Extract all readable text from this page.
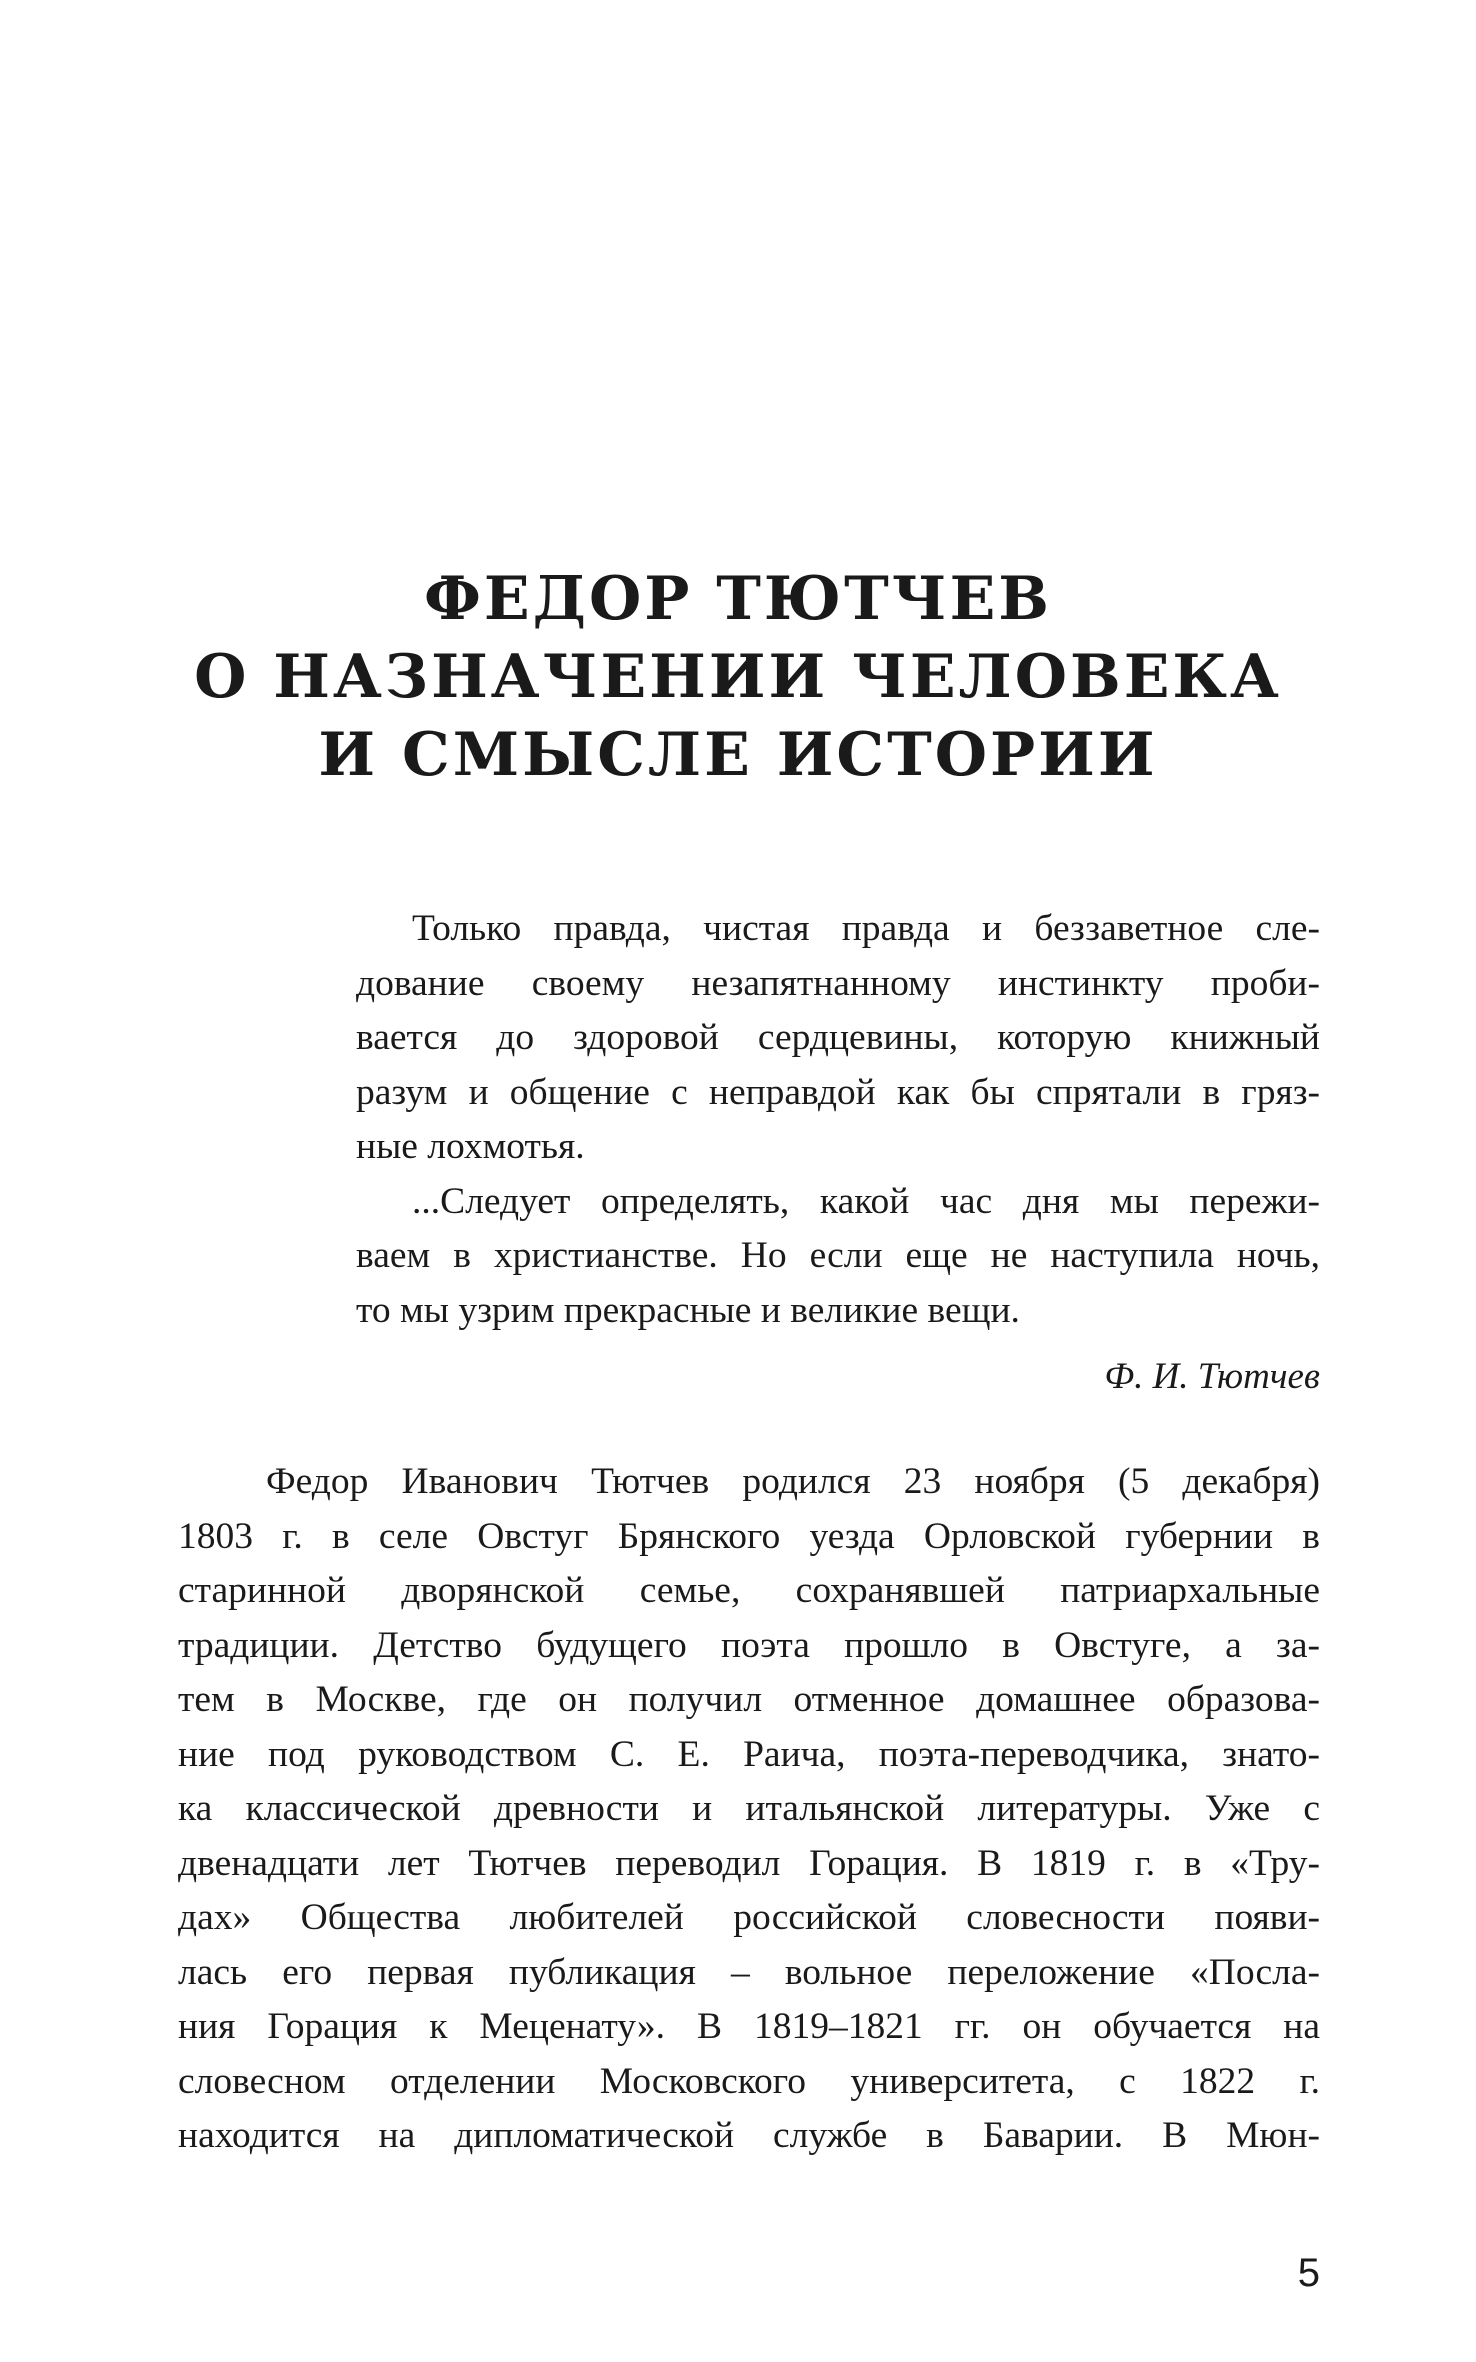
ФЕДОР ТЮТЧЕВ
О НАЗНАЧЕНИИ ЧЕЛОВЕКА
И СМЫСЛЕ ИСТОРИИ
Только правда, чистая правда и беззаветное сле-
дование своему незапятнанному инстинкту проби-
вается до здоровой сердцевины, которую книжный
разум и общение с неправдой как бы спрятали в гряз-
ные лохмотья.
...Следует определять, какой час дня мы пережи-
ваем в христианстве. Но если еще не наступила ночь,
то мы узрим прекрасные и великие вещи.
Ф. И. Тютчев
Федор Иванович Тютчев родился 23 ноября (5 декабря)
1803 г. в селе Овстуг Брянского уезда Орловской губернии в
старинной дворянской семье, сохранявшей патриархальные
традиции. Детство будущего поэта прошло в Овстуге, а за-
тем в Москве, где он получил отменное домашнее образова-
ние под руководством С. Е. Раича, поэта-переводчика, знато-
ка классической древности и итальянской литературы. Уже с
двенадцати лет Тютчев переводил Горация. В 1819 г. в «Тру-
дах» Общества любителей российской словесности появи-
лась его первая публикация – вольное переложение «Посла-
ния Горация к Меценату». В 1819–1821 гг. он обучается на
словесном отделении Московского университета, с 1822 г.
находится на дипломатической службе в Баварии. В Мюн-
5
